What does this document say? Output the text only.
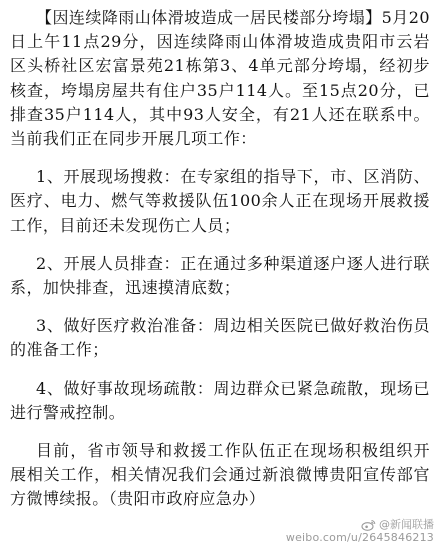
【因连续降雨山体滑坡造成一居民楼部分垮塌】5月20日上午11点29分，因连续降雨山体滑坡造成贵阳市云岩区头桥社区宏富景苑21栋第3、4单元部分垮塌，经初步核查，垮塌房屋共有住户35户114人。至15点20分，已排查35户114人，其中93人安全，有21人还在联系中。当前我们正在同步开展几项工作：

1、开展现场搜救：在专家组的指导下，市、区消防、医疗、电力、燃气等救援队伍100余人正在现场开展救援工作，目前还未发现伤亡人员；

2、开展人员排查：正在通过多种渠道逐户逐人进行联系，加快排查，迅速摸清底数；

3、做好医疗救治准备：周边相关医院已做好救治伤员的准备工作；

4、做好事故现场疏散：周边群众已紧急疏散，现场已进行警戒控制。

目前，省市领导和救援工作队伍正在现场积极组织开展相关工作，相关情况我们会通过新浪微博贵阳宣传部官方微博续报。（贵阳市政府应急办）

@新闻联播
weibo.com/u/2645846213
